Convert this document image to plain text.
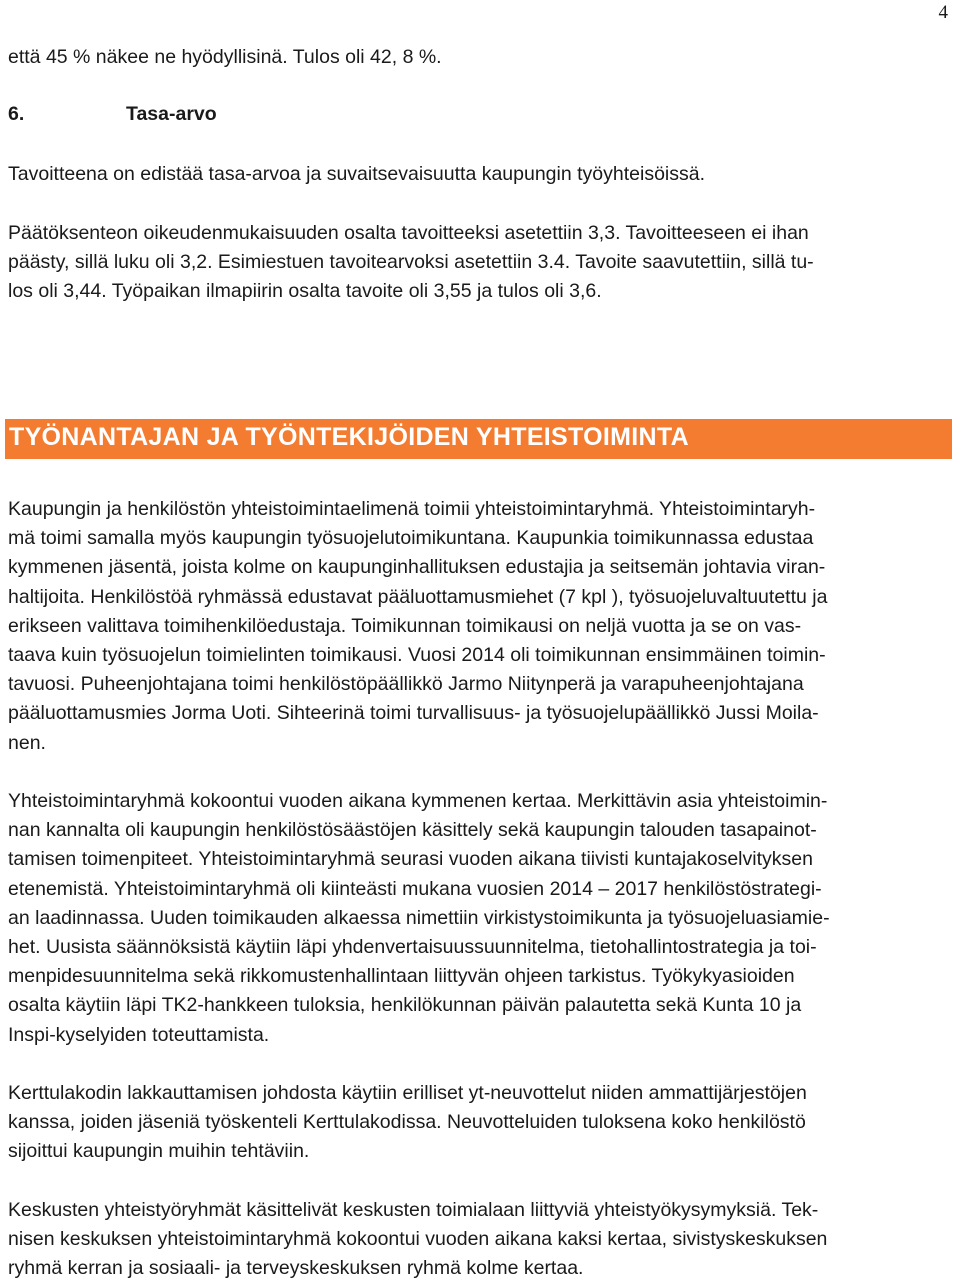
4

että 45 % näkee ne hyödyllisinä. Tulos oli 42, 8 %.

6.	Tasa-arvo

Tavoitteena on edistää tasa-arvoa ja suvaitsevaisuutta kaupungin työyhteisöissä.

Päätöksenteon oikeudenmukaisuuden osalta tavoitteeksi asetettiin 3,3. Tavoitteeseen ei ihan
päästy, sillä luku oli 3,2. Esimiestuen tavoitearvoksi asetettiin 3.4. Tavoite saavutettiin, sillä tu-
los oli 3,44. Työpaikan ilmapiirin osalta tavoite oli 3,55 ja tulos oli 3,6.

TYÖNANTAJAN JA TYÖNTEKIJÖIDEN YHTEISTOIMINTA

Kaupungin ja henkilöstön yhteistoimintaelimenä toimii yhteistoimintaryhmä. Yhteistoimintaryh-
mä toimi samalla myös kaupungin työsuojelutoimikuntana. Kaupunkia toimikunnassa edustaa
kymmenen jäsentä, joista kolme on kaupunginhallituksen edustajia ja seitsemän johtavia viran-
haltijoita. Henkilöstöä ryhmässä edustavat pääluottamusmiehet (7 kpl ), työsuojeluvaltuutettu ja
erikseen valittava toimihenkilöedustaja. Toimikunnan toimikausi on neljä vuotta ja se on vas-
taava kuin työsuojelun toimielinten toimikausi. Vuosi 2014 oli toimikunnan ensimmäinen toimin-
tavuosi. Puheenjohtajana toimi henkilöstöpäällikkö Jarmo Niitynperä ja varapuheenjohtajana
pääluottamusmies Jorma Uoti. Sihteerinä toimi turvallisuus- ja työsuojelupäällikkö Jussi Moila-
nen.

Yhteistoimintaryhmä kokoontui vuoden aikana kymmenen kertaa. Merkittävin asia yhteistoimin-
nan kannalta oli kaupungin henkilöstösäästöjen käsittely sekä kaupungin talouden tasapainot-
tamisen toimenpiteet. Yhteistoimintaryhmä seurasi vuoden aikana tiivisti kuntajakoselvityksen
etenemistä. Yhteistoimintaryhmä oli kiinteästi mukana vuosien 2014 – 2017 henkilöstöstrategi-
an laadinnassa. Uuden toimikauden alkaessa nimettiin virkistystoimikunta ja työsuojeluasiamie-
het. Uusista säännöksistä käytiin läpi yhdenvertaisuussuunnitelma, tietohallintostrategia ja toi-
menpidesuunnitelma sekä rikkomustenhallintaan liittyvän ohjeen tarkistus. Työkykyasioiden
osalta käytiin läpi TK2-hankkeen tuloksia, henkilökunnan päivän palautetta sekä Kunta 10 ja
Inspi-kyselyiden toteuttamista.

Kerttulakodin lakkauttamisen johdosta käytiin erilliset yt-neuvottelut niiden ammattijärjestöjen
kanssa, joiden jäseniä työskenteli Kerttulakodissa. Neuvotteluiden tuloksena koko henkilöstö
sijoittui kaupungin muihin tehtäviin.

Keskusten yhteistyöryhmät käsittelivät keskusten toimialaan liittyviä yhteistyökysymyksiä. Tek-
nisen keskuksen yhteistoimintaryhmä kokoontui vuoden aikana kaksi kertaa, sivistyskeskuksen
ryhmä kerran ja sosiaali- ja terveyskeskuksen ryhmä kolme kertaa.
